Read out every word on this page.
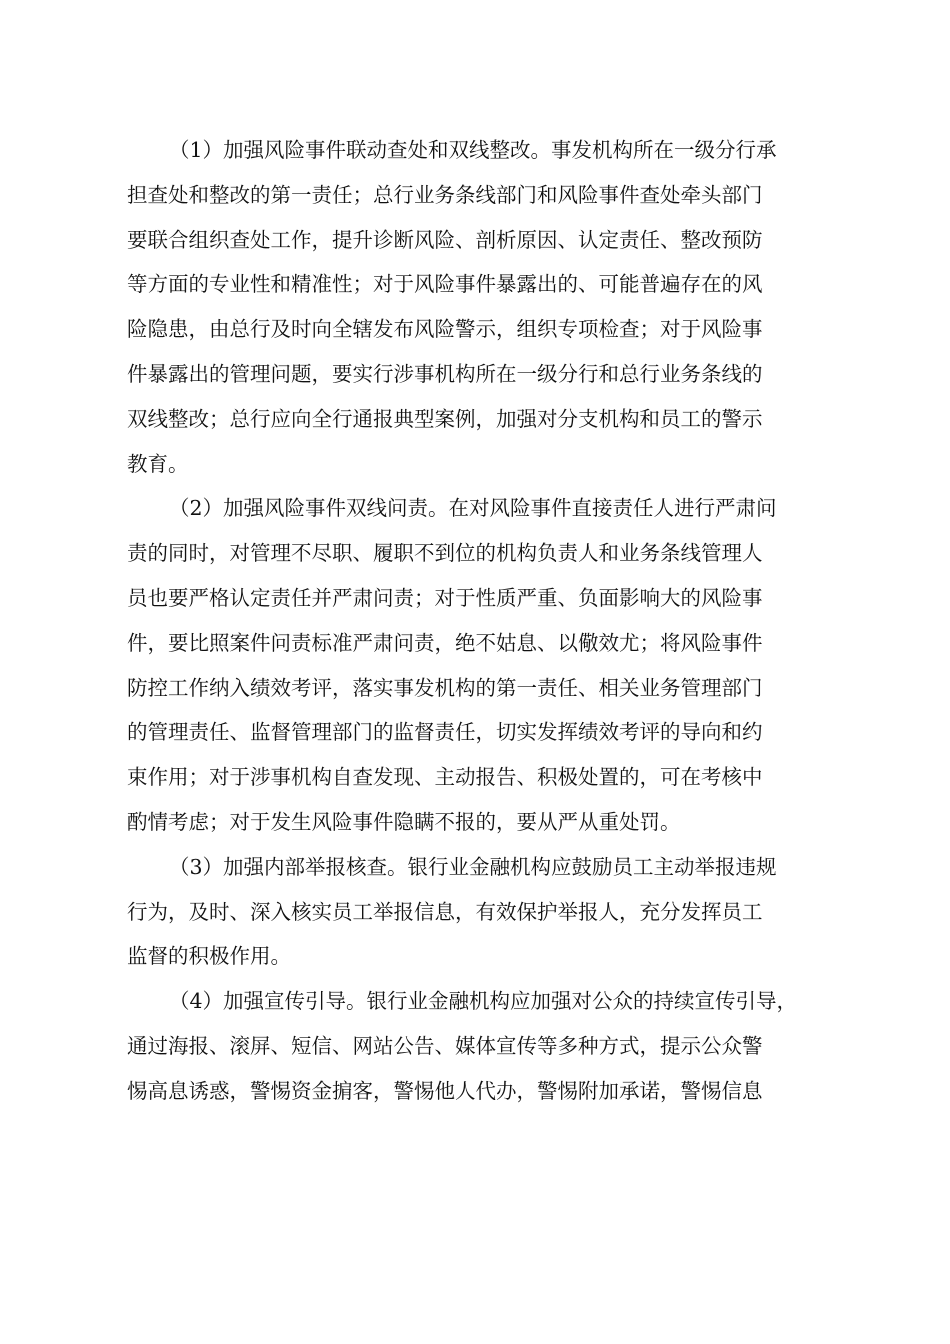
（1）加强风险事件联动查处和双线整改。事发机构所在一级分行承
担查处和整改的第一责任；总行业务条线部门和风险事件查处牵头部门
要联合组织查处工作，提升诊断风险、剖析原因、认定责任、整改预防
等方面的专业性和精准性；对于风险事件暴露出的、可能普遍存在的风
险隐患，由总行及时向全辖发布风险警示，组织专项检查；对于风险事
件暴露出的管理问题，要实行涉事机构所在一级分行和总行业务条线的
双线整改；总行应向全行通报典型案例，加强对分支机构和员工的警示
教育。
（2）加强风险事件双线问责。在对风险事件直接责任人进行严肃问
责的同时，对管理不尽职、履职不到位的机构负责人和业务条线管理人
员也要严格认定责任并严肃问责；对于性质严重、负面影响大的风险事
件，要比照案件问责标准严肃问责，绝不姑息、以儆效尤；将风险事件
防控工作纳入绩效考评，落实事发机构的第一责任、相关业务管理部门
的管理责任、监督管理部门的监督责任，切实发挥绩效考评的导向和约
束作用；对于涉事机构自查发现、主动报告、积极处置的，可在考核中
酌情考虑；对于发生风险事件隐瞒不报的，要从严从重处罚。
（3）加强内部举报核查。银行业金融机构应鼓励员工主动举报违规
行为，及时、深入核实员工举报信息，有效保护举报人，充分发挥员工
监督的积极作用。
（4）加强宣传引导。银行业金融机构应加强对公众的持续宣传引导，
通过海报、滚屏、短信、网站公告、媒体宣传等多种方式，提示公众警
惕高息诱惑，警惕资金掮客，警惕他人代办，警惕附加承诺，警惕信息
